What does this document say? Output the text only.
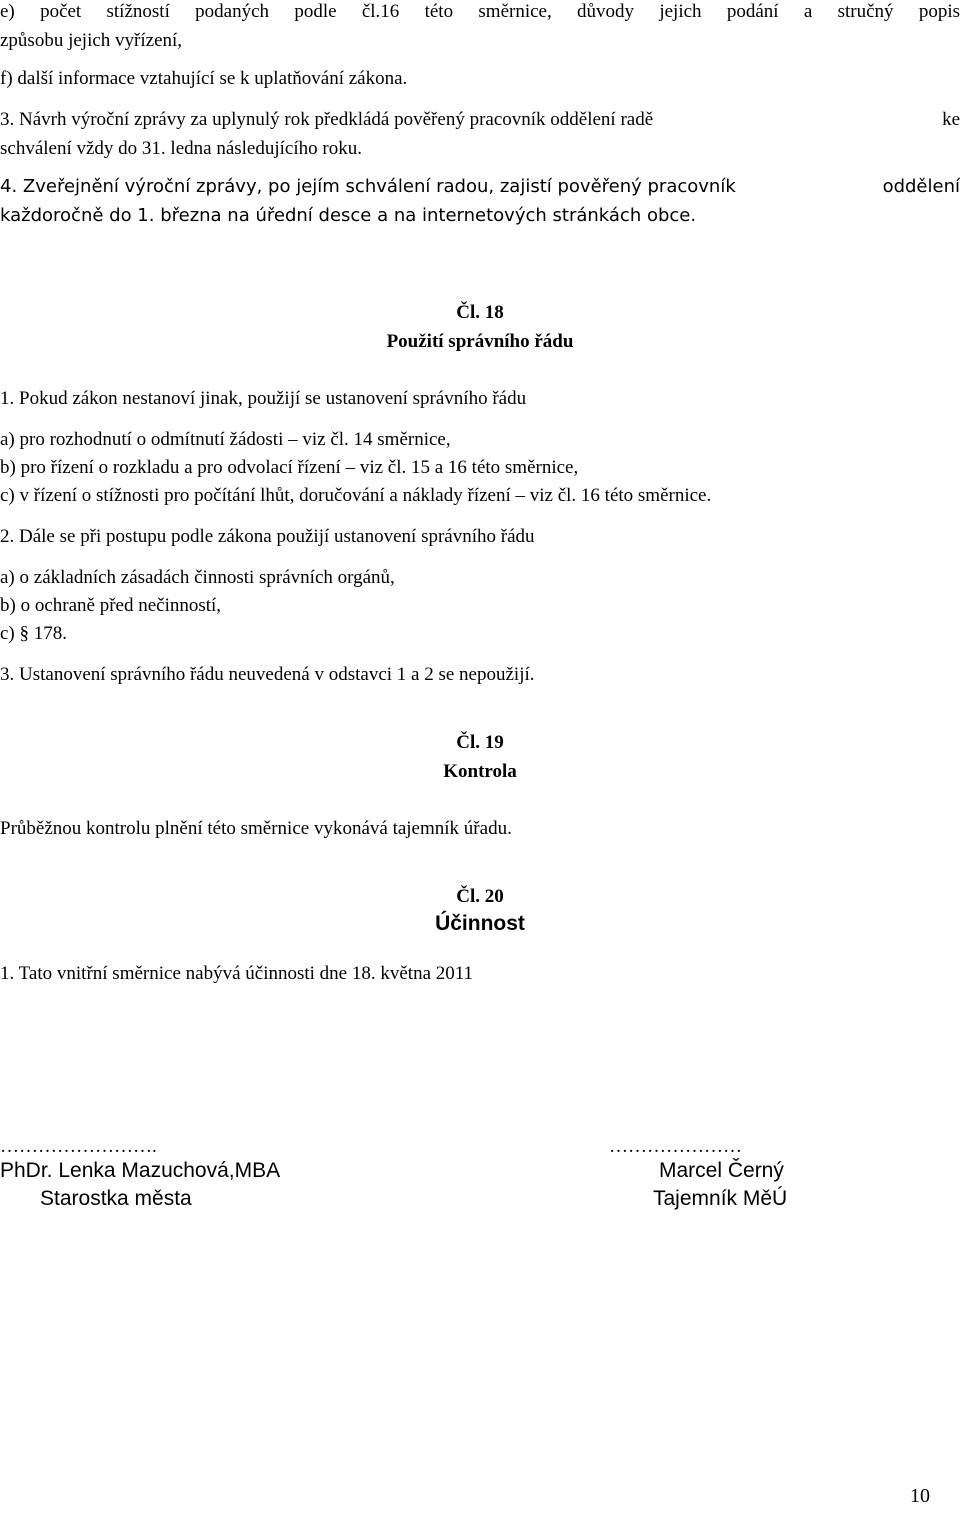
e) počet stížností podaných podle čl.16 této směrnice, důvody jejich podání a stručný popis
způsobu jejich vyřízení,
f) další informace vztahující se k uplatňování zákona.
3. Návrh výroční zprávy za uplynulý rok předkládá pověřený pracovník oddělení radě	ke
schválení vždy do 31. ledna následujícího roku.
4. Zveřejnění výroční zprávy, po jejím schválení radou, zajistí pověřený pracovník	oddělení
každoročně do 1. března na úřední desce a na internetových stránkách obce.
Čl. 18
Použití správního řádu
1. Pokud zákon nestanoví jinak, použijí se ustanovení správního řádu
a) pro rozhodnutí o odmítnutí žádosti – viz čl. 14 směrnice,
b) pro řízení o rozkladu a pro odvolací řízení – viz čl. 15 a 16 této směrnice,
c) v řízení o stížnosti pro počítání lhůt, doručování a náklady řízení – viz čl. 16 této směrnice.
2. Dále se při postupu podle zákona použijí ustanovení správního řádu
a) o základních zásadách činnosti správních orgánů,
b) o ochraně před nečinností,
c) § 178.
3. Ustanovení správního řádu neuvedená v odstavci 1 a 2 se nepoužijí.
Čl. 19
Kontrola
Průběžnou kontrolu plnění této směrnice vykonává tajemník úřadu.
Čl. 20
Účinnost
1. Tato vnitřní směrnice nabývá účinnosti dne 18. května 2011
…………………….
PhDr. Lenka Mazuchová,MBA
Starostka města
…………………
Marcel Černý
Tajemník MěÚ
10
